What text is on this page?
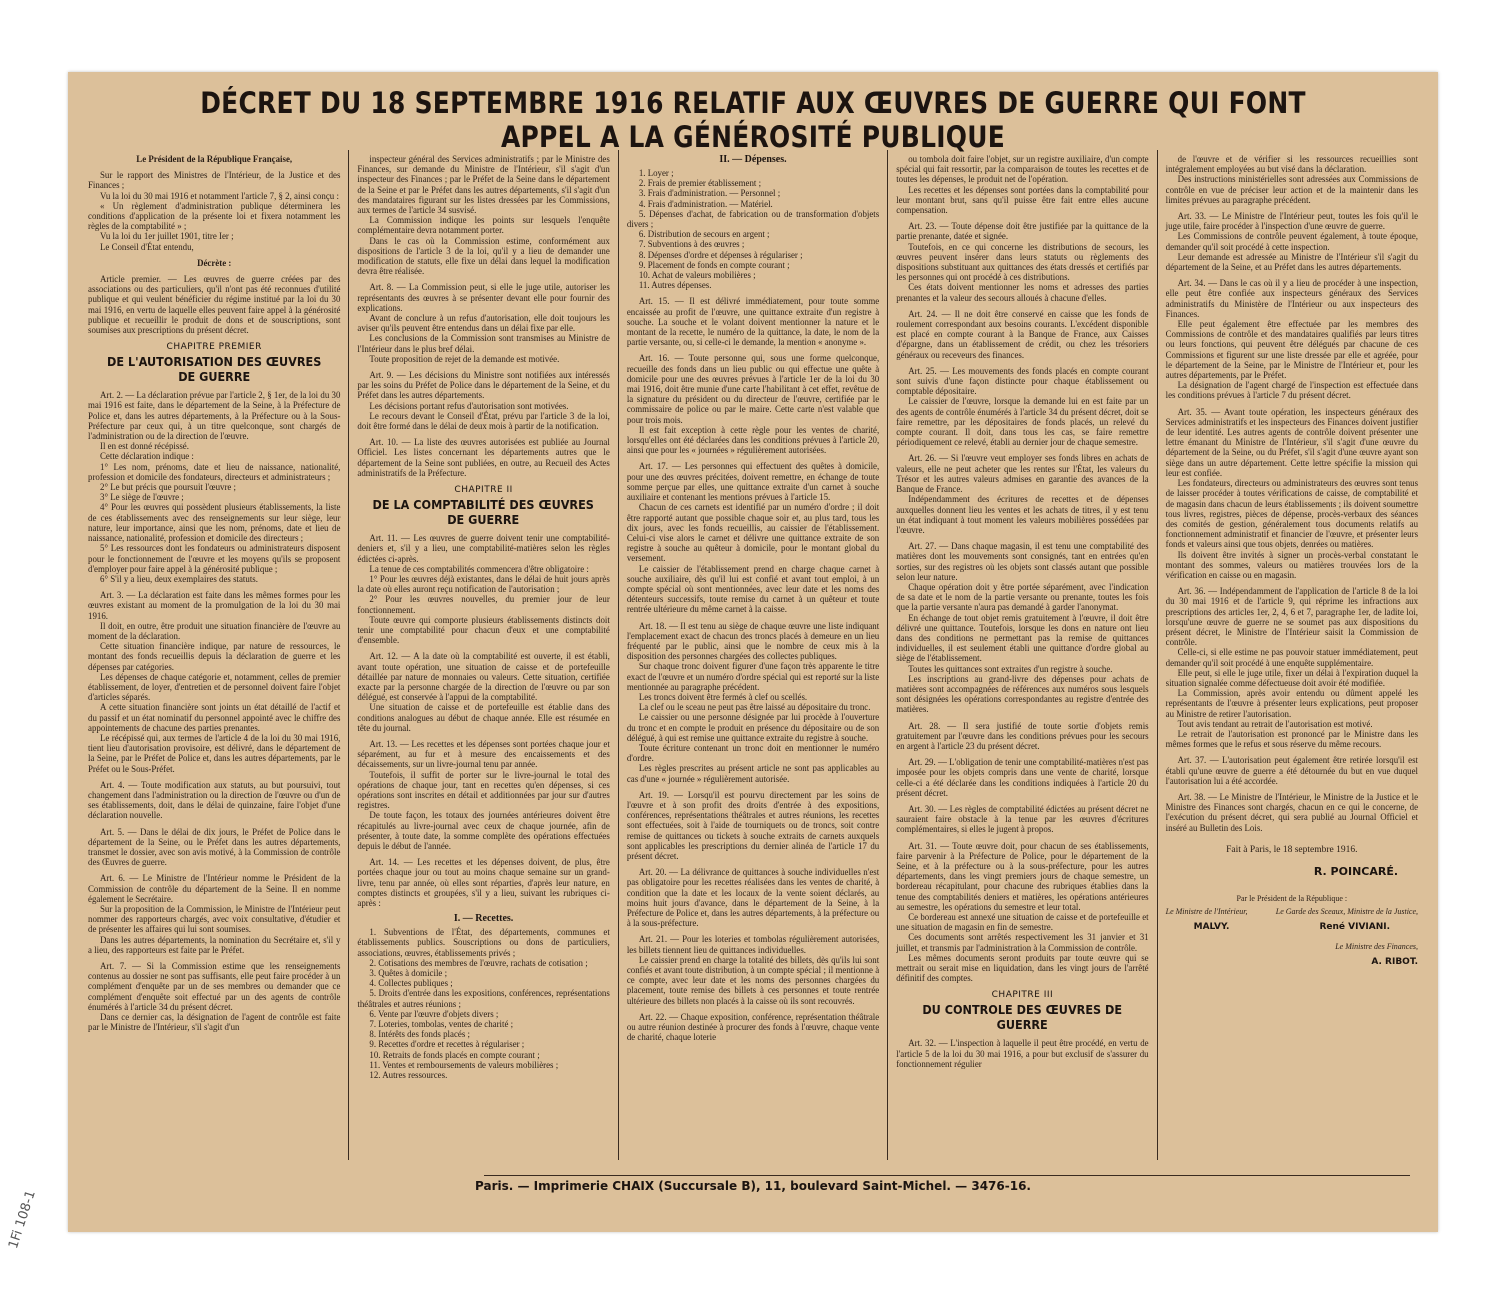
DÉCRET DU 18 SEPTEMBRE 1916 RELATIF AUX ŒUVRES DE GUERRE QUI FONT APPEL A LA GÉNÉROSITÉ PUBLIQUE

Le Président de la République Française,

Sur le rapport des Ministres de l'Intérieur, de la Justice et des Finances ;

Vu la loi du 30 mai 1916 et notamment l'article 7, § 2, ainsi conçu :

« Un règlement d'administration publique déterminera les conditions d'application de la présente loi et fixera notamment les règles de la comptabilité » ;

Vu la loi du 1er juillet 1901, titre Ier ;

Le Conseil d'État entendu,

Décrète :

Article premier. — Les œuvres de guerre créées par des associations ou des particuliers, qu'il n'ont pas été reconnues d'utilité publique et qui veulent bénéficier du régime institué par la loi du 30 mai 1916, en vertu de laquelle elles peuvent faire appel à la générosité publique et recueillir le produit de dons et de souscriptions, sont soumises aux prescriptions du présent décret.

CHAPITRE PREMIER
DE L'AUTORISATION DES ŒUVRES DE GUERRE

Art. 2. — La déclaration prévue par l'article 2, § 1er, de la loi du 30 mai 1916 est faite, dans le département de la Seine, à la Préfecture de Police et, dans les autres départements, à la Préfecture ou à la Sous-Préfecture par ceux qui, à un titre quelconque, sont chargés de l'administration ou de la direction de l'œuvre.

Il en est donné récépissé.

Cette déclaration indique :

1° Les nom, prénoms, date et lieu de naissance, nationalité, profession et domicile des fondateurs, directeurs et administrateurs ;

2° Le but précis que poursuit l'œuvre ;

3° Le siège de l'œuvre ;

4° Pour les œuvres qui possèdent plusieurs établissements, la liste de ces établissements avec des renseignements sur leur siège, leur nature, leur importance, ainsi que les nom, prénoms, date et lieu de naissance, nationalité, profession et domicile des directeurs ;

5° Les ressources dont les fondateurs ou administrateurs disposent pour le fonctionnement de l'œuvre et les moyens qu'ils se proposent d'employer pour faire appel à la générosité publique ;

6° S'il y a lieu, deux exemplaires des statuts.

Art. 3. — La déclaration est faite dans les mêmes formes pour les œuvres existant au moment de la promulgation de la loi du 30 mai 1916.

Il doit, en outre, être produit une situation financière de l'œuvre au moment de la déclaration.

Cette situation financière indique, par nature de ressources, le montant des fonds recueillis depuis la déclaration de guerre et les dépenses par catégories.

Les dépenses de chaque catégorie et, notamment, celles de premier établissement, de loyer, d'entretien et de personnel doivent faire l'objet d'articles séparés.

A cette situation financière sont joints un état détaillé de l'actif et du passif et un état nominatif du personnel appointé avec le chiffre des appointements de chacune des parties prenantes.

Le récépissé qui, aux termes de l'article 4 de la loi du 30 mai 1916, tient lieu d'autorisation provisoire, est délivré, dans le département de la Seine, par le Préfet de Police et, dans les autres départements, par le Préfet ou le Sous-Préfet.

Art. 4. — Toute modification aux statuts, au but poursuivi, tout changement dans l'administration ou la direction de l'œuvre ou d'un de ses établissements, doit, dans le délai de quinzaine, faire l'objet d'une déclaration nouvelle.

Art. 5. — Dans le délai de dix jours, le Préfet de Police dans le département de la Seine, ou le Préfet dans les autres départements, transmet le dossier, avec son avis motivé, à la Commission de contrôle des Œuvres de guerre.

Art. 6. — Le Ministre de l'Intérieur nomme le Président de la Commission de contrôle du département de la Seine. Il en nomme également le Secrétaire.

Sur la proposition de la Commission, le Ministre de l'Intérieur peut nommer des rapporteurs chargés, avec voix consultative, d'étudier et de présenter les affaires qui lui sont soumises.

Dans les autres départements, la nomination du Secrétaire et, s'il y a lieu, des rapporteurs est faite par le Préfet.

Art. 7. — Si la Commission estime que les renseignements contenus au dossier ne sont pas suffisants, elle peut faire procéder à un complément d'enquête par un de ses membres ou demander que ce complément d'enquête soit effectué par un des agents de contrôle énumérés à l'article 34 du présent décret.

Dans ce dernier cas, la désignation de l'agent de contrôle est faite par le Ministre de l'Intérieur, s'il s'agit d'un

inspecteur général des Services administratifs ; par le Ministre des Finances, sur demande du Ministre de l'Intérieur, s'il s'agit d'un inspecteur des Finances ; par le Préfet de la Seine dans le département de la Seine et par le Préfet dans les autres départements, s'il s'agit d'un des mandataires figurant sur les listes dressées par les Commissions, aux termes de l'article 34 susvisé.

La Commission indique les points sur lesquels l'enquête complémentaire devra notamment porter.

Dans le cas où la Commission estime, conformément aux dispositions de l'article 3 de la loi, qu'il y a lieu de demander une modification de statuts, elle fixe un délai dans lequel la modification devra être réalisée.

Art. 8. — La Commission peut, si elle le juge utile, autoriser les représentants des œuvres à se présenter devant elle pour fournir des explications.

Avant de conclure à un refus d'autorisation, elle doit toujours les aviser qu'ils peuvent être entendus dans un délai fixe par elle.

Les conclusions de la Commission sont transmises au Ministre de l'Intérieur dans le plus bref délai.

Toute proposition de rejet de la demande est motivée.

Art. 9. — Les décisions du Ministre sont notifiées aux intéressés par les soins du Préfet de Police dans le département de la Seine, et du Préfet dans les autres départements.

Les décisions portant refus d'autorisation sont motivées.

Le recours devant le Conseil d'État, prévu par l'article 3 de la loi, doit être formé dans le délai de deux mois à partir de la notification.

Art. 10. — La liste des œuvres autorisées est publiée au Journal Officiel. Les listes concernant les départements autres que le département de la Seine sont publiées, en outre, au Recueil des Actes administratifs de la Préfecture.

CHAPITRE II
DE LA COMPTABILITÉ DES ŒUVRES DE GUERRE

Art. 11. — Les œuvres de guerre doivent tenir une comptabilité-deniers et, s'il y a lieu, une comptabilité-matières selon les règles édictées ci-après.

La tenue de ces comptabilités commencera d'être obligatoire :

1° Pour les œuvres déjà existantes, dans le délai de huit jours après la date où elles auront reçu notification de l'autorisation ;

2° Pour les œuvres nouvelles, du premier jour de leur fonctionnement.

Toute œuvre qui comporte plusieurs établissements distincts doit tenir une comptabilité pour chacun d'eux et une comptabilité d'ensemble.

Art. 12. — A la date où la comptabilité est ouverte, il est établi, avant toute opération, une situation de caisse et de portefeuille détaillée par nature de monnaies ou valeurs. Cette situation, certifiée exacte par la personne chargée de la direction de l'œuvre ou par son délégué, est conservée à l'appui de la comptabilité.

Une situation de caisse et de portefeuille est établie dans des conditions analogues au début de chaque année. Elle est résumée en tête du journal.

Art. 13. — Les recettes et les dépenses sont portées chaque jour et séparément, au fur et à mesure des encaissements et des décaissements, sur un livre-journal tenu par année.

Toutefois, il suffit de porter sur le livre-journal le total des opérations de chaque jour, tant en recettes qu'en dépenses, si ces opérations sont inscrites en détail et additionnées par jour sur d'autres registres.

De toute façon, les totaux des journées antérieures doivent être récapitulés au livre-journal avec ceux de chaque journée, afin de présenter, à toute date, la somme complète des opérations effectuées depuis le début de l'année.

Art. 14. — Les recettes et les dépenses doivent, de plus, être portées chaque jour ou tout au moins chaque semaine sur un grand-livre, tenu par année, où elles sont réparties, d'après leur nature, en comptes distincts et groupées, s'il y a lieu, suivant les rubriques ci-après :

I. — Recettes.

1. Subventions de l'État, des départements, communes et établissements publics. Souscriptions ou dons de particuliers, associations, œuvres, établissements privés ;

2. Cotisations des membres de l'œuvre, rachats de cotisation ;

3. Quêtes à domicile ;

4. Collectes publiques ;

5. Droits d'entrée dans les expositions, conférences, représentations théâtrales et autres réunions ;

6. Vente par l'œuvre d'objets divers ;

7. Loteries, tombolas, ventes de charité ;

8. Intérêts des fonds placés ;

9. Recettes d'ordre et recettes à régulariser ;

10. Retraits de fonds placés en compte courant ;

11. Ventes et remboursements de valeurs mobilières ;

12. Autres ressources.

II. — Dépenses.

1. Loyer ;

2. Frais de premier établissement ;

3. Frais d'administration. — Personnel ;

4. Frais d'administration. — Matériel.

5. Dépenses d'achat, de fabrication ou de transformation d'objets divers ;

6. Distribution de secours en argent ;

7. Subventions à des œuvres ;

8. Dépenses d'ordre et dépenses à régulariser ;

9. Placement de fonds en compte courant ;

10. Achat de valeurs mobilières ;

11. Autres dépenses.

Art. 15. — Il est délivré immédiatement, pour toute somme encaissée au profit de l'œuvre, une quittance extraite d'un registre à souche. La souche et le volant doivent mentionner la nature et le montant de la recette, le numéro de la quittance, la date, le nom de la partie versante, ou, si celle-ci le demande, la mention « anonyme ».

Art. 16. — Toute personne qui, sous une forme quelconque, recueille des fonds dans un lieu public ou qui effectue une quête à domicile pour une des œuvres prévues à l'article 1er de la loi du 30 mai 1916, doit être munie d'une carte l'habilitant à cet effet, revêtue de la signature du président ou du directeur de l'œuvre, certifiée par le commissaire de police ou par le maire. Cette carte n'est valable que pour trois mois.

Il est fait exception à cette règle pour les ventes de charité, lorsqu'elles ont été déclarées dans les conditions prévues à l'article 20, ainsi que pour les « journées » régulièrement autorisées.

Art. 17. — Les personnes qui effectuent des quêtes à domicile, pour une des œuvres précitées, doivent remettre, en échange de toute somme perçue par elles, une quittance extraite d'un carnet à souche auxiliaire et contenant les mentions prévues à l'article 15.

Chacun de ces carnets est identifié par un numéro d'ordre ; il doit être rapporté autant que possible chaque soir et, au plus tard, tous les dix jours, avec les fonds recueillis, au caissier de l'établissement. Celui-ci vise alors le carnet et délivre une quittance extraite de son registre à souche au quêteur à domicile, pour le montant global du versement.

Le caissier de l'établissement prend en charge chaque carnet à souche auxiliaire, dès qu'il lui est confié et avant tout emploi, à un compte spécial où sont mentionnées, avec leur date et les noms des détenteurs successifs, toute remise du carnet à un quêteur et toute rentrée ultérieure du même carnet à la caisse.

Art. 18. — Il est tenu au siège de chaque œuvre une liste indiquant l'emplacement exact de chacun des troncs placés à demeure en un lieu fréquenté par le public, ainsi que le nombre de ceux mis à la disposition des personnes chargées des collectes publiques.

Sur chaque tronc doivent figurer d'une façon très apparente le titre exact de l'œuvre et un numéro d'ordre spécial qui est reporté sur la liste mentionnée au paragraphe précédent.

Les troncs doivent être fermés à clef ou scellés.

La clef ou le sceau ne peut pas être laissé au dépositaire du tronc.

Le caissier ou une personne désignée par lui procède à l'ouverture du tronc et en compte le produit en présence du dépositaire ou de son délégué, à qui est remise une quittance extraite du registre à souche.

Toute écriture contenant un tronc doit en mentionner le numéro d'ordre.

Les règles prescrites au présent article ne sont pas applicables au cas d'une « journée » régulièrement autorisée.

Art. 19. — Lorsqu'il est pourvu directement par les soins de l'œuvre et à son profit des droits d'entrée à des expositions, conférences, représentations théâtrales et autres réunions, les recettes sont effectuées, soit à l'aide de tourniquets ou de troncs, soit contre remise de quittances ou tickets à souche extraits de carnets auxquels sont applicables les prescriptions du dernier alinéa de l'article 17 du présent décret.

Art. 20. — La délivrance de quittances à souche individuelles n'est pas obligatoire pour les recettes réalisées dans les ventes de charité, à condition que la date et les locaux de la vente soient déclarés, au moins huit jours d'avance, dans le département de la Seine, à la Préfecture de Police et, dans les autres départements, à la préfecture ou à la sous-préfecture.

Art. 21. — Pour les loteries et tombolas régulièrement autorisées, les billets tiennent lieu de quittances individuelles.

Le caissier prend en charge la totalité des billets, dès qu'ils lui sont confiés et avant toute distribution, à un compte spécial ; il mentionne à ce compte, avec leur date et les noms des personnes chargées du placement, toute remise des billets à ces personnes et toute rentrée ultérieure des billets non placés à la caisse où ils sont recouvrés.

Art. 22. — Chaque exposition, conférence, représentation théâtrale ou autre réunion destinée à procurer des fonds à l'œuvre, chaque vente de charité, chaque loterie

ou tombola doit faire l'objet, sur un registre auxiliaire, d'un compte spécial qui fait ressortir, par la comparaison de toutes les recettes et de toutes les dépenses, le produit net de l'opération.

Les recettes et les dépenses sont portées dans la comptabilité pour leur montant brut, sans qu'il puisse être fait entre elles aucune compensation.

Art. 23. — Toute dépense doit être justifiée par la quittance de la partie prenante, datée et signée.

Toutefois, en ce qui concerne les distributions de secours, les œuvres peuvent insérer dans leurs statuts ou règlements des dispositions substituant aux quittances des états dressés et certifiés par les personnes qui ont procédé à ces distributions.

Ces états doivent mentionner les noms et adresses des parties prenantes et la valeur des secours alloués à chacune d'elles.

Art. 24. — Il ne doit être conservé en caisse que les fonds de roulement correspondant aux besoins courants. L'excédent disponible est placé en compte courant à la Banque de France, aux Caisses d'épargne, dans un établissement de crédit, ou chez les trésoriers généraux ou receveurs des finances.

Art. 25. — Les mouvements des fonds placés en compte courant sont suivis d'une façon distincte pour chaque établissement ou comptable dépositaire.

Le caissier de l'œuvre, lorsque la demande lui en est faite par un des agents de contrôle énumérés à l'article 34 du présent décret, doit se faire remettre, par les dépositaires de fonds placés, un relevé du compte courant. Il doit, dans tous les cas, se faire remettre périodiquement ce relevé, établi au dernier jour de chaque semestre.

Art. 26. — Si l'œuvre veut employer ses fonds libres en achats de valeurs, elle ne peut acheter que les rentes sur l'État, les valeurs du Trésor et les autres valeurs admises en garantie des avances de la Banque de France.

Indépendamment des écritures de recettes et de dépenses auxquelles donnent lieu les ventes et les achats de titres, il y est tenu un état indiquant à tout moment les valeurs mobilières possédées par l'œuvre.

Art. 27. — Dans chaque magasin, il est tenu une comptabilité des matières dont les mouvements sont consignés, tant en entrées qu'en sorties, sur des registres où les objets sont classés autant que possible selon leur nature.

Chaque opération doit y être portée séparément, avec l'indication de sa date et le nom de la partie versante ou prenante, toutes les fois que la partie versante n'aura pas demandé à garder l'anonymat.

En échange de tout objet remis gratuitement à l'œuvre, il doit être délivré une quittance. Toutefois, lorsque les dons en nature ont lieu dans des conditions ne permettant pas la remise de quittances individuelles, il est seulement établi une quittance d'ordre global au siège de l'établissement.

Toutes les quittances sont extraites d'un registre à souche.

Les inscriptions au grand-livre des dépenses pour achats de matières sont accompagnées de références aux numéros sous lesquels sont désignées les opérations correspondantes au registre d'entrée des matières.

Art. 28. — Il sera justifié de toute sortie d'objets remis gratuitement par l'œuvre dans les conditions prévues pour les secours en argent à l'article 23 du présent décret.

Art. 29. — L'obligation de tenir une comptabilité-matières n'est pas imposée pour les objets compris dans une vente de charité, lorsque celle-ci a été déclarée dans les conditions indiquées à l'article 20 du présent décret.

Art. 30. — Les règles de comptabilité édictées au présent décret ne sauraient faire obstacle à la tenue par les œuvres d'écritures complémentaires, si elles le jugent à propos.

Art. 31. — Toute œuvre doit, pour chacun de ses établissements, faire parvenir à la Préfecture de Police, pour le département de la Seine, et à la préfecture ou à la sous-préfecture, pour les autres départements, dans les vingt premiers jours de chaque semestre, un bordereau récapitulant, pour chacune des rubriques établies dans la tenue des comptabilités deniers et matières, les opérations antérieures au semestre, les opérations du semestre et leur total.

Ce bordereau est annexé une situation de caisse et de portefeuille et une situation de magasin en fin de semestre.

Ces documents sont arrêtés respectivement les 31 janvier et 31 juillet, et transmis par l'administration à la Commission de contrôle.

Les mêmes documents seront produits par toute œuvre qui se mettrait ou serait mise en liquidation, dans les vingt jours de l'arrêté définitif des comptes.

CHAPITRE III
DU CONTROLE DES ŒUVRES DE GUERRE

Art. 32. — L'inspection à laquelle il peut être procédé, en vertu de l'article 5 de la loi du 30 mai 1916, a pour but exclusif de s'assurer du fonctionnement régulier

de l'œuvre et de vérifier si les ressources recueillies sont intégralement employées au but visé dans la déclaration.

Des instructions ministérielles sont adressées aux Commissions de contrôle en vue de préciser leur action et de la maintenir dans les limites prévues au paragraphe précédent.

Art. 33. — Le Ministre de l'Intérieur peut, toutes les fois qu'il le juge utile, faire procéder à l'inspection d'une œuvre de guerre.

Les Commissions de contrôle peuvent également, à toute époque, demander qu'il soit procédé à cette inspection.

Leur demande est adressée au Ministre de l'Intérieur s'il s'agit du département de la Seine, et au Préfet dans les autres départements.

Art. 34. — Dans le cas où il y a lieu de procéder à une inspection, elle peut être confiée aux inspecteurs généraux des Services administratifs du Ministère de l'Intérieur ou aux inspecteurs des Finances.

Elle peut également être effectuée par les membres des Commissions de contrôle et des mandataires qualifiés par leurs titres ou leurs fonctions, qui peuvent être délégués par chacune de ces Commissions et figurent sur une liste dressée par elle et agréée, pour le département de la Seine, par le Ministre de l'Intérieur et, pour les autres départements, par le Préfet.

La désignation de l'agent chargé de l'inspection est effectuée dans les conditions prévues à l'article 7 du présent décret.

Art. 35. — Avant toute opération, les inspecteurs généraux des Services administratifs et les inspecteurs des Finances doivent justifier de leur identité. Les autres agents de contrôle doivent présenter une lettre émanant du Ministre de l'Intérieur, s'il s'agit d'une œuvre du département de la Seine, ou du Préfet, s'il s'agit d'une œuvre ayant son siège dans un autre département. Cette lettre spécifie la mission qui leur est confiée.

Les fondateurs, directeurs ou administrateurs des œuvres sont tenus de laisser procéder à toutes vérifications de caisse, de comptabilité et de magasin dans chacun de leurs établissements ; ils doivent soumettre tous livres, registres, pièces de dépense, procès-verbaux des séances des comités de gestion, généralement tous documents relatifs au fonctionnement administratif et financier de l'œuvre, et présenter leurs fonds et valeurs ainsi que tous objets, denrées ou matières.

Ils doivent être invités à signer un procès-verbal constatant le montant des sommes, valeurs ou matières trouvées lors de la vérification en caisse ou en magasin.

Art. 36. — Indépendamment de l'application de l'article 8 de la loi du 30 mai 1916 et de l'article 9, qui réprime les infractions aux prescriptions des articles 1er, 2, 4, 6 et 7, paragraphe 1er, de ladite loi, lorsqu'une œuvre de guerre ne se soumet pas aux dispositions du présent décret, le Ministre de l'Intérieur saisit la Commission de contrôle.

Celle-ci, si elle estime ne pas pouvoir statuer immédiatement, peut demander qu'il soit procédé à une enquête supplémentaire.

Elle peut, si elle le juge utile, fixer un délai à l'expiration duquel la situation signalée comme défectueuse doit avoir été modifiée.

La Commission, après avoir entendu ou dûment appelé les représentants de l'œuvre à présenter leurs explications, peut proposer au Ministre de retirer l'autorisation.

Tout avis tendant au retrait de l'autorisation est motivé.

Le retrait de l'autorisation est prononcé par le Ministre dans les mêmes formes que le refus et sous réserve du même recours.

Art. 37. — L'autorisation peut également être retirée lorsqu'il est établi qu'une œuvre de guerre a été détournée du but en vue duquel l'autorisation lui a été accordée.

Art. 38. — Le Ministre de l'Intérieur, le Ministre de la Justice et le Ministre des Finances sont chargés, chacun en ce qui le concerne, de l'exécution du présent décret, qui sera publié au Journal Officiel et inséré au Bulletin des Lois.

Fait à Paris, le 18 septembre 1916.
R. POINCARÉ.
Par le Président de la République :
Le Ministre de l'Intérieur,	Le Garde des Sceaux, Ministre de la Justice,
MALVY.	René VIVIANI.
Le Ministre des Finances,
A. RIBOT.
Paris. — Imprimerie CHAIX (Succursale B), 11, boulevard Saint-Michel. — 3476-16.
1Fi 108-1
